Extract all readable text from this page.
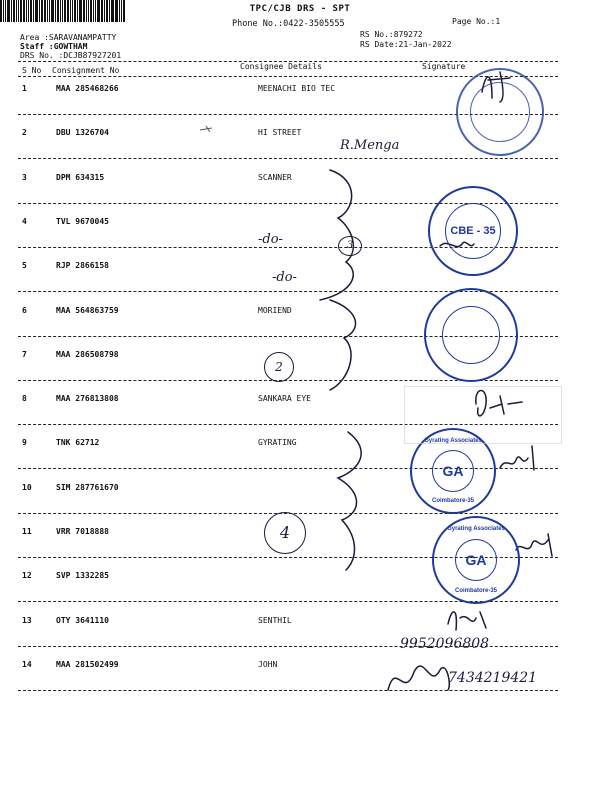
TPC/CJB DRS - SPT
Phone No.:0422-3505555	Page No.:1
RS No.:879272
RS Date:21-Jan-2022
Area :SARAVANAMPATTY
Staff :GOWTHAM
DRS No. :DCJB87927201
S No Consignment No	Consignee Details	Signature
1	MAA 285468266	MEENACHI BIO TEC
2	DBU 1326704	HI STREET
3	DPM 634315	SCANNER
4	TVL 9670045
5	RJP 2866158
6	MAA 564863759	MORIEND
7	MAA 286508798
8	MAA 276813808	SANKARA EYE
9	TNK 62712	GYRATING
10	SIM 287761670
11	VRR 7018888
12	SVP 1332285
13	OTY 3641110	SENTHIL
14	MAA 281502499	JOHN
R.Menga
-do-
-do-
9952096808
7434219421
3
2
4
CBE - 35
Gyrating Associates
GA
Coimbatore-35
Gyrating Associates
GA
Coimbatore-35
